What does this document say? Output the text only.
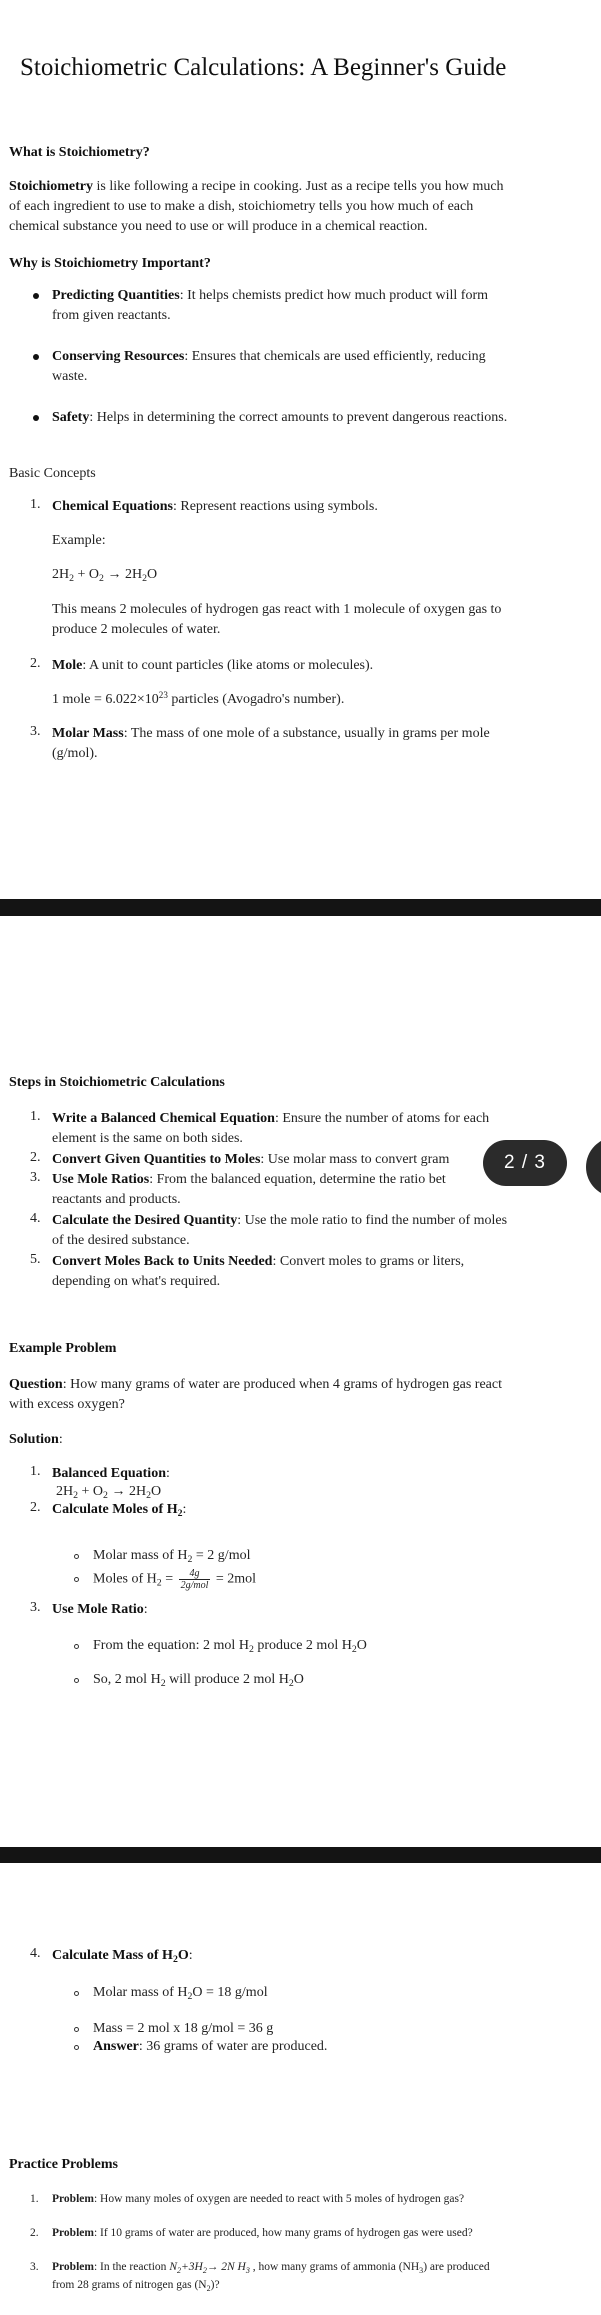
Stoichiometric Calculations: A Beginner's Guide
What is Stoichiometry?
Stoichiometry is like following a recipe in cooking. Just as a recipe tells you how much
of each ingredient to use to make a dish, stoichiometry tells you how much of each
chemical substance you need to use or will produce in a chemical reaction.
Why is Stoichiometry Important?
Predicting Quantities: It helps chemists predict how much product will form
from given reactants.
Conserving Resources: Ensures that chemicals are used efficiently, reducing
waste.
Safety: Helps in determining the correct amounts to prevent dangerous reactions.
Basic Concepts
1. Chemical Equations: Represent reactions using symbols.
Example:
$2H_2 + O_2 \to 2H_2O$
This means 2 molecules of hydrogen gas react with 1 molecule of oxygen gas to
produce 2 molecules of water.
2. Mole: A unit to count particles (like atoms or molecules).
1 mole = $6.022\times 10^{23}$ particles (Avogadro's number).
3. Molar Mass: The mass of one mole of a substance, usually in grams per mole
(g/mol).
Steps in Stoichiometric Calculations
1. Write a Balanced Chemical Equation: Ensure the number of atoms for each
element is the same on both sides.
2. Convert Given Quantities to Moles: Use molar mass to convert gram
3. Use Mole Ratios: From the balanced equation, determine the ratio bet
reactants and products.
4. Calculate the Desired Quantity: Use the mole ratio to find the number of moles
of the desired substance.
5. Convert Moles Back to Units Needed: Convert moles to grams or liters,
depending on what's required.
Example Problem
Question: How many grams of water are produced when 4 grams of hydrogen gas react
with excess oxygen?
Solution:
1. Balanced Equation:
$2H_2 + O_2 \to 2H_2O$
2. Calculate Moles of $H_2$:
Molar mass of $H_2 = 2$ g/mol
Moles of $H_2 = \frac{4g}{\text{2g/mol}} = 2mol$
3. Use Mole Ratio:
From the equation: 2 mol $H_2$ produce 2 mol $H_2O$
So, 2 mol $H_2$ will produce 2 mol $H_2O$
4. Calculate Mass of $H_2O$:
Molar mass of $H_2O = 18$ g/mol
Mass = 2 mol x 18 g/mol = 36 g
Answer: 36 grams of water are produced.
Practice Problems
1. Problem: How many moles of oxygen are needed to react with 5 moles of hydrogen gas?
2. Problem: If 10 grams of water are produced, how many grams of hydrogen gas were used?
3. Problem: In the reaction $N_2+3H_2\to 2N$ $H_3$ , how many grams of ammonia $(NH_3)$ are produced
from 28 grams of nitrogen gas $(N_2)$?
2 / 3
